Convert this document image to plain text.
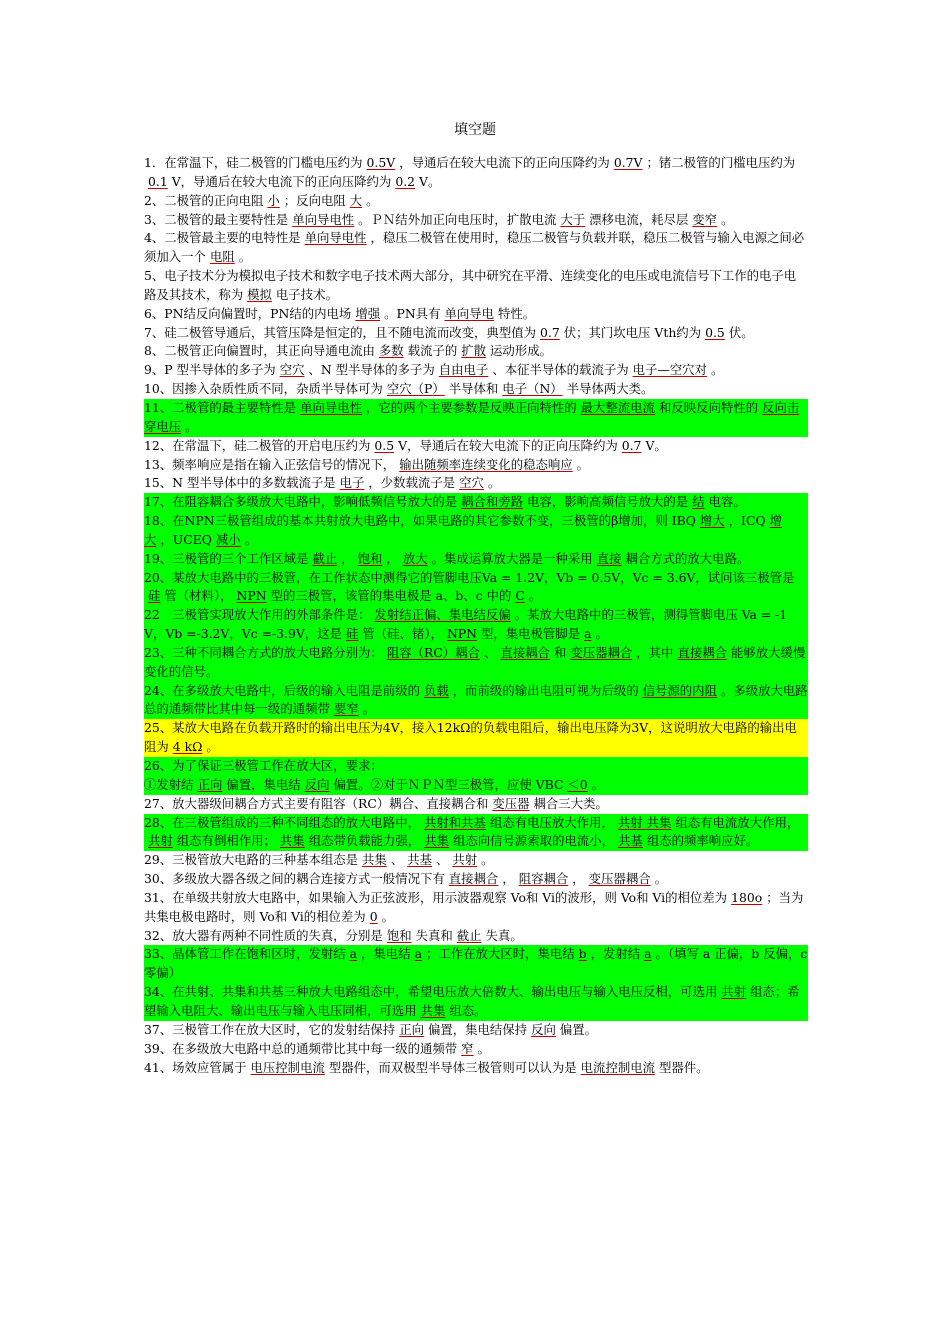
填空题

1．在常温下，硅二极管的门槛电压约为 0.5V ，导通后在较大电流下的正向压降约为 0.7V ；锗二极管的门槛电压约为0.1 V，导通后在较大电流下的正向压降约为 0.2 V。

2、二极管的正向电阻 小 ；反向电阻 大 。

3、二极管的最主要特性是 单向导电性 。ＰＮ结外加正向电压时，扩散电流 大于 漂移电流，耗尽层 变窄 。

4、二极管最主要的电特性是 单向导电性 ，稳压二极管在使用时，稳压二极管与负载并联，稳压二极管与输入电源之间必须加入一个 电阻 。

5、电子技术分为模拟电子技术和数字电子技术两大部分，其中研究在平滑、连续变化的电压或电流信号下工作的电子电路及其技术，称为 模拟 电子技术。

6、PN结反向偏置时，PN结的内电场 增强 。PN具有 单向导电 特性。

7、硅二极管导通后，其管压降是恒定的，且不随电流而改变，典型值为 0.7 伏；其门坎电压 Vth约为 0.5 伏。

8、二极管正向偏置时，其正向导通电流由 多数 载流子的 扩散 运动形成。

9、P 型半导体的多子为 空穴 、N 型半导体的多子为 自由电子 、本征半导体的载流子为 电子—空穴对 。

10、因掺入杂质性质不同，杂质半导体可为 空穴（P） 半导体和 电子（N） 半导体两大类。

11、二极管的最主要特性是 单向导电性 ，它的两个主要参数是反映正向特性的 最大整流电流 和反映反向特性的 反向击穿电压 。

12、在常温下，硅二极管的开启电压约为 0.5 V，导通后在较大电流下的正向压降约为 0.7 V。

13、频率响应是指在输入正弦信号的情况下， 输出随频率连续变化的稳态响应 。

15、N 型半导体中的多数载流子是 电子 ，少数载流子是 空穴 。

17、在阻容耦合多级放大电路中，影响低频信号放大的是 耦合和旁路 电容，影响高频信号放大的是 结 电容。

18、在NPN三极管组成的基本共射放大电路中，如果电路的其它参数不变，三极管的β增加，则 IBQ 增大 ，ICQ 增大 ，UCEQ 减小 。

19、三极管的三个工作区域是 截止 ， 饱和 ， 放大 。集成运算放大器是一种采用 直接 耦合方式的放大电路。

20、某放大电路中的三极管，在工作状态中测得它的管脚电压Va = 1.2V，Vb = 0.5V，Vc = 3.6V，试问该三极管是硅 管（材料）， NPN 型的三极管，该管的集电极是 a、b、c 中的 C 。

22　三极管实现放大作用的外部条件是： 发射结正偏、集电结反偏 。某放大电路中的三极管，测得管脚电压 Va = -1V，Vb =-3.2V，Vc =-3.9V，这是 硅 管（硅、锗）， NPN 型，集电极管脚是 a 。

23、三种不同耦合方式的放大电路分别为： 阻容（RC）耦合 、 直接耦合 和 变压器耦合 ，其中 直接耦合 能够放大缓慢变化的信号。

24、在多级放大电路中，后级的输入电阻是前级的 负载 ，而前级的输出电阻可视为后级的 信号源的内阻 。多级放大电路总的通频带比其中每一级的通频带 要窄 。

25、某放大电路在负载开路时的输出电压为4V，接入12kΩ的负载电阻后，输出电压降为3V，这说明放大电路的输出电阻为 4 kΩ 。

26、为了保证三极管工作在放大区，要求：

①发射结 正向 偏置，集电结 反向 偏置。②对于ＮＰＮ型三极管，应使 VBC ＜0 。

27、放大器级间耦合方式主要有阻容（RC）耦合、直接耦合和 变压器 耦合三大类。

28、在三极管组成的三种不同组态的放大电路中， 共射和共基 组态有电压放大作用， 共射 共集 组态有电流放大作用，共射 组态有倒相作用； 共集 组态带负载能力强， 共集 组态向信号源索取的电流小， 共基 组态的频率响应好。

29、三极管放大电路的三种基本组态是 共集 、 共基 、 共射 。

30、多级放大器各级之间的耦合连接方式一般情况下有 直接耦合 ， 阻容耦合 ， 变压器耦合 。

31、在单级共射放大电路中，如果输入为正弦波形，用示波器观察 Vo和 Vi的波形，则 Vo和 Vi的相位差为 180o ；当为共集电极电路时，则 Vo和 Vi的相位差为 0 。

32、放大器有两种不同性质的失真，分别是 饱和 失真和 截止 失真。

33、晶体管工作在饱和区时，发射结 a ，集电结 a ；工作在放大区时，集电结 b ，发射结 a 。（填写 a 正偏，b 反偏，c 零偏）

34、在共射、共集和共基三种放大电路组态中，希望电压放大倍数大、输出电压与输入电压反相，可选用 共射 组态；希望输入电阻大、输出电压与输入电压同相，可选用 共集 组态。

37、三极管工作在放大区时，它的发射结保持 正向 偏置，集电结保持 反向 偏置。

39、在多级放大电路中总的通频带比其中每一级的通频带 窄 。

41、场效应管属于 电压控制电流 型器件，而双极型半导体三极管则可以认为是 电流控制电流 型器件。
